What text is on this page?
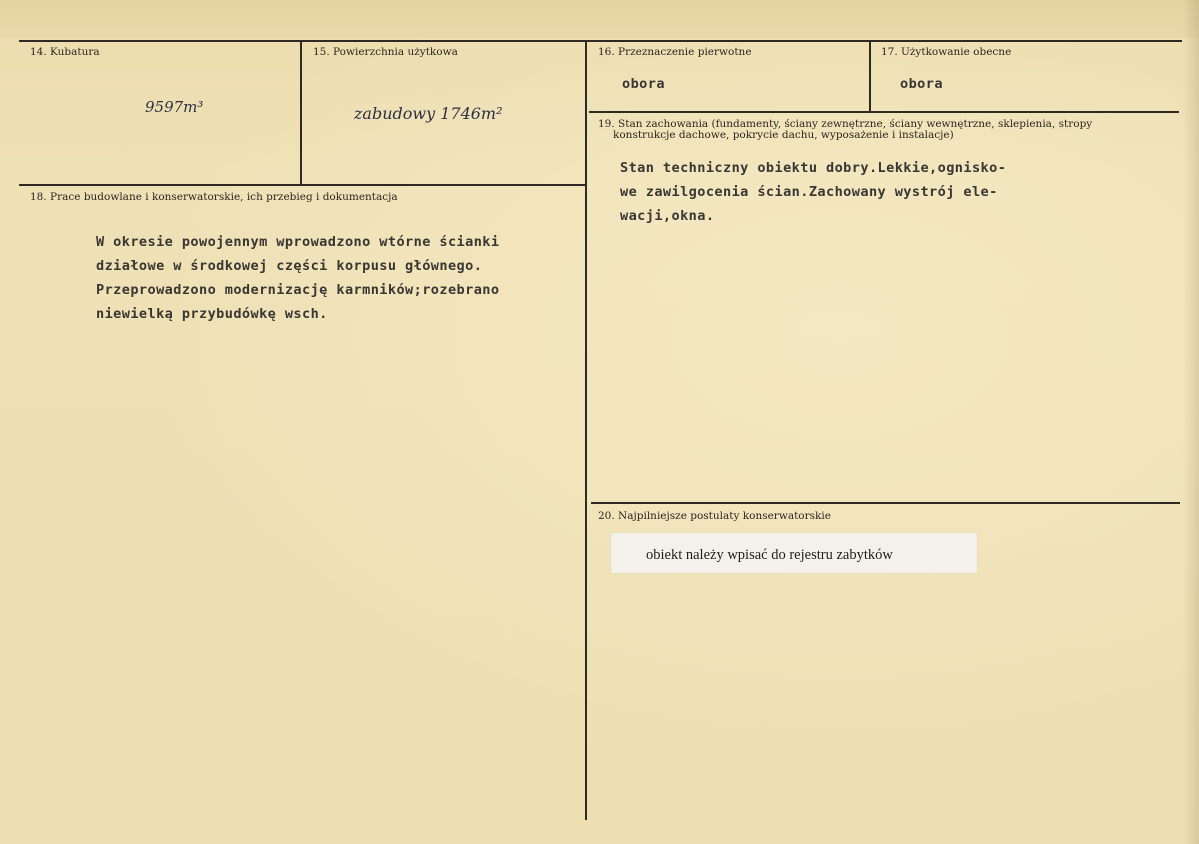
14. Kubatura
9597m³
15. Powierzchnia użytkowa
zabudowy 1746m²
16. Przeznaczenie pierwotne
obora
17. Użytkowanie obecne
obora
19. Stan zachowania (fundamenty, ściany zewnętrzne, ściany wewnętrzne, sklepienia, stropy
konstrukcje dachowe, pokrycie dachu, wyposażenie i instalacje)
Stan techniczny obiektu dobry.Lekkie,ognisko-
we zawilgocenia ścian.Zachowany wystrój ele-
wacji,okna.
18. Prace budowlane i konserwatorskie, ich przebieg i dokumentacja
W okresie powojennym wprowadzono wtórne ścianki
działowe w środkowej części korpusu głównego.
Przeprowadzono modernizację karmników;rozebrano
niewielką przybudówkę wsch.
20. Najpilniejsze postulaty konserwatorskie
obiekt należy wpisać do rejestru zabytków
